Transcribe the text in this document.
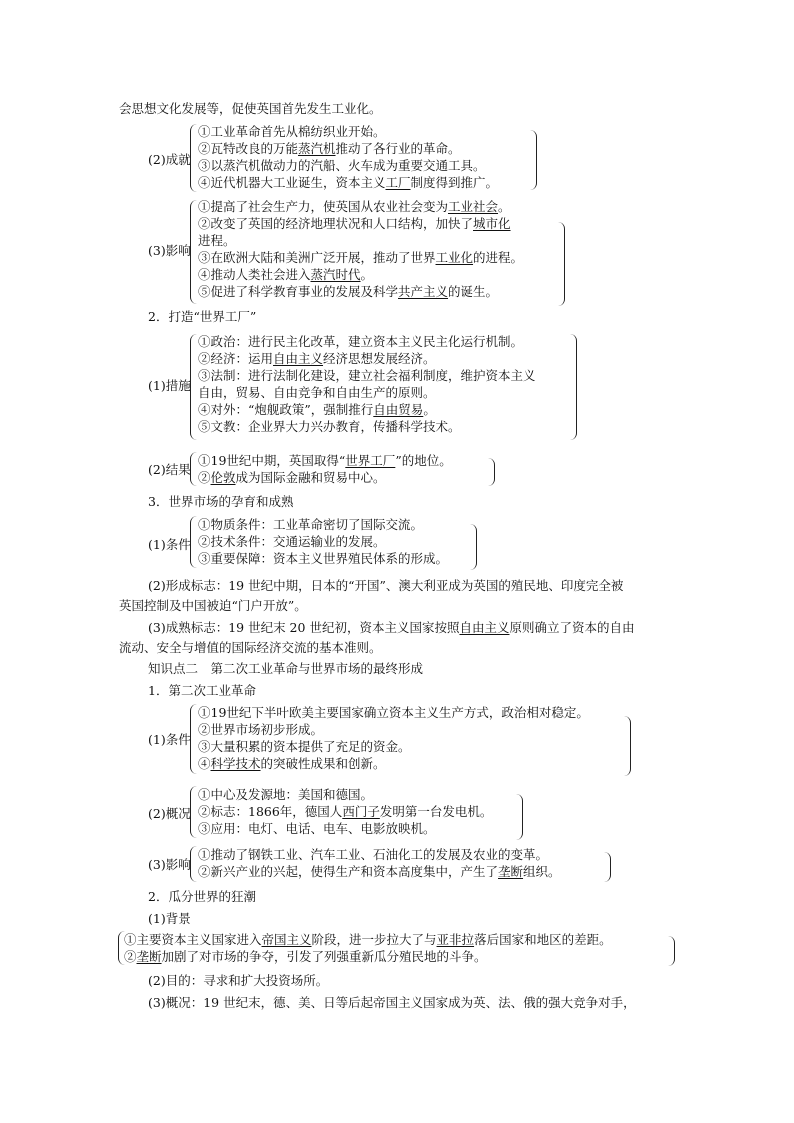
会思想文化发展等，促使英国首先发生工业化。
(2)成就
①工业革命首先从棉纺织业开始。
②瓦特改良的万能蒸汽机推动了各行业的革命。
③以蒸汽机做动力的汽船、火车成为重要交通工具。
④近代机器大工业诞生，资本主义工厂制度得到推广。
(3)影响
①提高了社会生产力，使英国从农业社会变为工业社会。
②改变了英国的经济地理状况和人口结构，加快了城市化
进程。
③在欧洲大陆和美洲广泛开展，推动了世界工业化的进程。
④推动人类社会进入蒸汽时代。
⑤促进了科学教育事业的发展及科学共产主义的诞生。
2．打造“世界工厂”
(1)措施
①政治：进行民主化改革，建立资本主义民主化运行机制。
②经济：运用自由主义经济思想发展经济。
③法制：进行法制化建设，建立社会福利制度，维护资本主义
自由，贸易、自由竞争和自由生产的原则。
④对外：“炮舰政策”，强制推行自由贸易。
⑤文教：企业界大力兴办教育，传播科学技术。
(2)结果
①19世纪中期，英国取得“世界工厂”的地位。
②伦敦成为国际金融和贸易中心。
3．世界市场的孕育和成熟
(1)条件
①物质条件：工业革命密切了国际交流。
②技术条件：交通运输业的发展。
③重要保障：资本主义世界殖民体系的形成。
(2)形成标志：19 世纪中期，日本的“开国”、澳大利亚成为英国的殖民地、印度完全被
英国控制及中国被迫“门户开放”。
(3)成熟标志：19 世纪末 20 世纪初，资本主义国家按照自由主义原则确立了资本的自由
流动、安全与增值的国际经济交流的基本准则。
知识点二　第二次工业革命与世界市场的最终形成
1．第二次工业革命
(1)条件
①19世纪下半叶欧美主要国家确立资本主义生产方式，政治相对稳定。
②世界市场初步形成。
③大量积累的资本提供了充足的资金。
④科学技术的突破性成果和创新。
(2)概况
①中心及发源地：美国和德国。
②标志：1866年，德国人西门子发明第一台发电机。
③应用：电灯、电话、电车、电影放映机。
(3)影响
①推动了钢铁工业、汽车工业、石油化工的发展及农业的变革。
②新兴产业的兴起，使得生产和资本高度集中，产生了垄断组织。
2．瓜分世界的狂潮
(1)背景
①主要资本主义国家进入帝国主义阶段，进一步拉大了与亚非拉落后国家和地区的差距。
②垄断加剧了对市场的争夺，引发了列强重新瓜分殖民地的斗争。
(2)目的：寻求和扩大投资场所。
(3)概况：19 世纪末，德、美、日等后起帝国主义国家成为英、法、俄的强大竞争对手，
